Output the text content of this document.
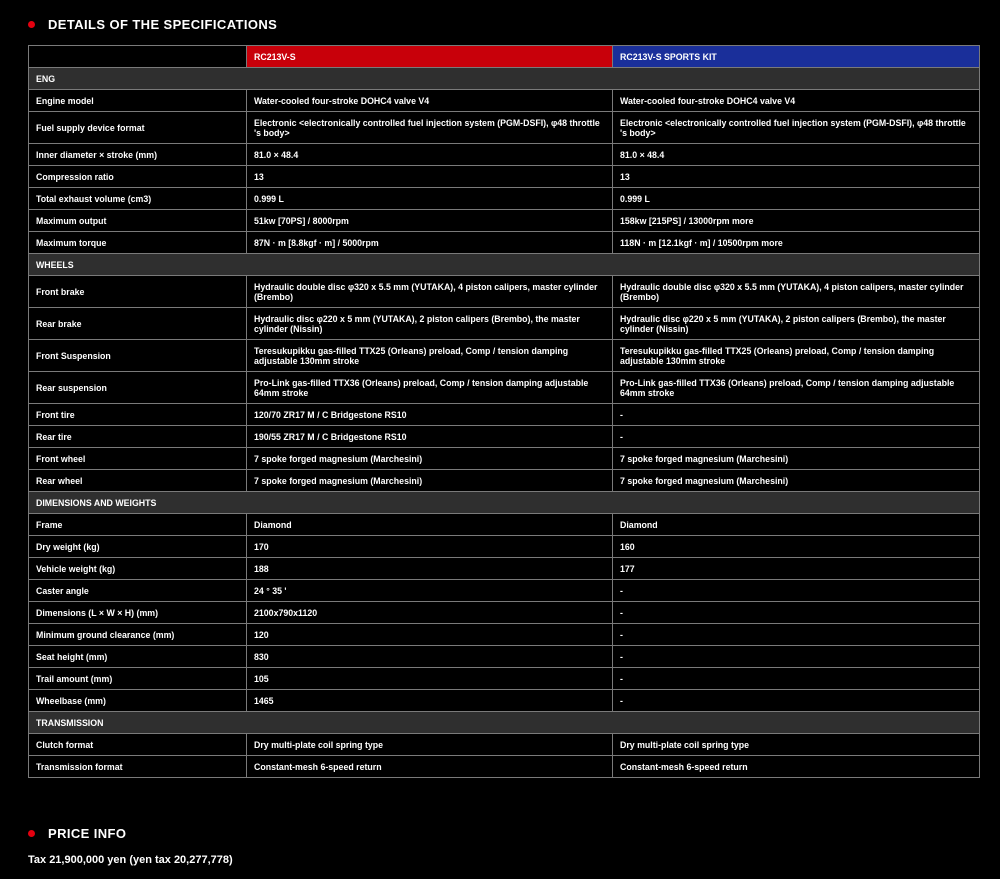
DETAILS OF THE SPECIFICATIONS
	RC213V-S	RC213V-S SPORTS KIT
ENG		
Engine model	Water-cooled four-stroke DOHC4 valve V4	Water-cooled four-stroke DOHC4 valve V4
Fuel supply device format	Electronic <electronically controlled fuel injection system (PGM-DSFI), φ48 throttle 's body>	Electronic <electronically controlled fuel injection system (PGM-DSFI), φ48 throttle 's body>
Inner diameter × stroke (mm)	81.0 × 48.4	81.0 × 48.4
Compression ratio	13	13
Total exhaust volume (cm3)	0.999 L	0.999 L
Maximum output	51kw [70PS] / 8000rpm	158kw [215PS] / 13000rpm more
Maximum torque	87N · m [8.8kgf · m] / 5000rpm	118N · m [12.1kgf · m] / 10500rpm more
WHEELS		
Front brake	Hydraulic double disc φ320 x 5.5 mm (YUTAKA), 4 piston calipers, master cylinder (Brembo)	Hydraulic double disc φ320 x 5.5 mm (YUTAKA), 4 piston calipers, master cylinder (Brembo)
Rear brake	Hydraulic disc φ220 x 5 mm (YUTAKA), 2 piston calipers (Brembo), the master cylinder (Nissin)	Hydraulic disc φ220 x 5 mm (YUTAKA), 2 piston calipers (Brembo), the master cylinder (Nissin)
Front Suspension	Teresukupikku gas-filled TTX25 (Orleans) preload, Comp / tension damping adjustable 130mm stroke	Teresukupikku gas-filled TTX25 (Orleans) preload, Comp / tension damping adjustable 130mm stroke
Rear suspension	Pro-Link gas-filled TTX36 (Orleans) preload, Comp / tension damping adjustable 64mm stroke	Pro-Link gas-filled TTX36 (Orleans) preload, Comp / tension damping adjustable 64mm stroke
Front tire	120/70 ZR17 M / C Bridgestone RS10	-
Rear tire	190/55 ZR17 M / C Bridgestone RS10	-
Front wheel	7 spoke forged magnesium (Marchesini)	7 spoke forged magnesium (Marchesini)
Rear wheel	7 spoke forged magnesium (Marchesini)	7 spoke forged magnesium (Marchesini)
DIMENSIONS AND WEIGHTS		
Frame	Diamond	Diamond
Dry weight (kg)	170	160
Vehicle weight (kg)	188	177
Caster angle	24 ° 35 '	-
Dimensions (L × W × H) (mm)	2100x790x1120	-
Minimum ground clearance (mm)	120	-
Seat height (mm)	830	-
Trail amount (mm)	105	-
Wheelbase (mm)	1465	-
TRANSMISSION		
Clutch format	Dry multi-plate coil spring type	Dry multi-plate coil spring type
Transmission format	Constant-mesh 6-speed return	Constant-mesh 6-speed return
PRICE INFO
Tax 21,900,000 yen (yen tax 20,277,778)
